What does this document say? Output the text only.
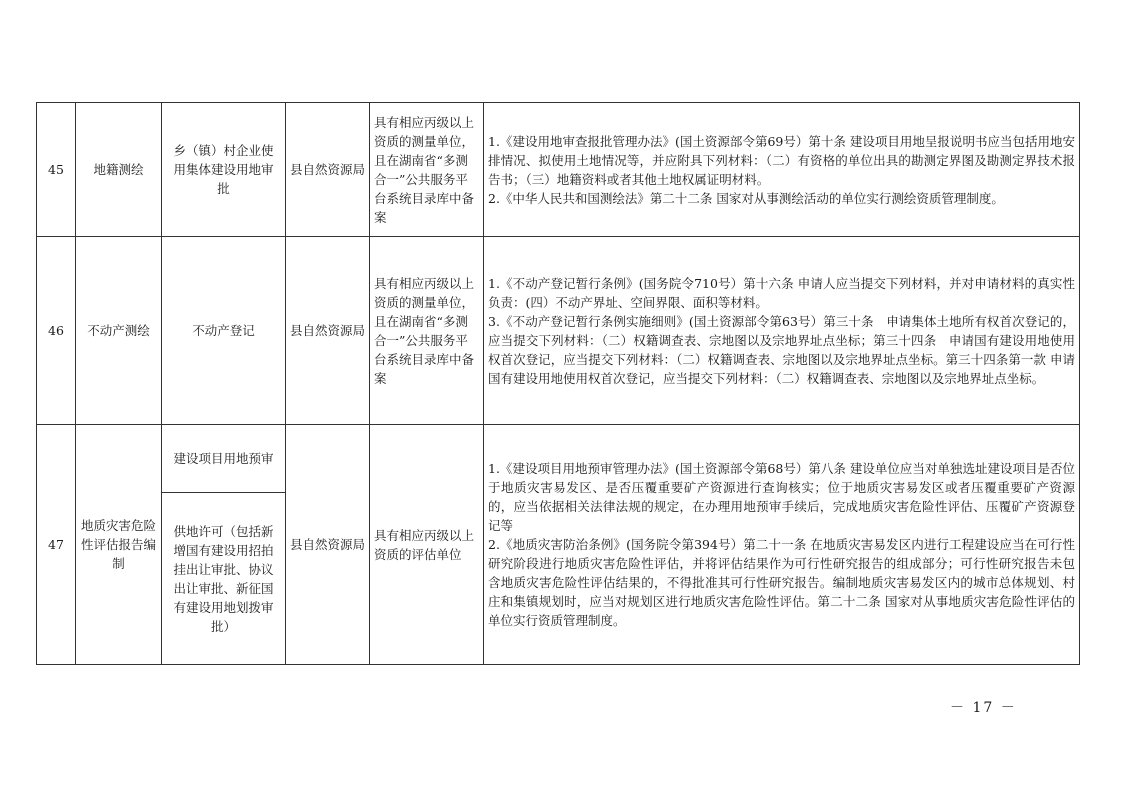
45	地籍测绘	乡（镇）村企业使用集体建设用地审批	县自然资源局	具有相应丙级以上资质的测量单位，且在湖南省“多测合一”公共服务平台系统目录库中备案	1.《建设用地审查报批管理办法》(国土资源部令第69号）第十条 建设项目用地呈报说明书应当包括用地安排情况、拟使用土地情况等，并应附具下列材料：（二）有资格的单位出具的勘测定界图及勘测定界技术报告书；（三）地籍资料或者其他土地权属证明材料。
2.《中华人民共和国测绘法》第二十二条 国家对从事测绘活动的单位实行测绘资质管理制度。

46	不动产测绘	不动产登记	县自然资源局	具有相应丙级以上资质的测量单位，且在湖南省“多测合一”公共服务平台系统目录库中备案	1.《不动产登记暂行条例》(国务院令710号）第十六条 申请人应当提交下列材料，并对申请材料的真实性负责：(四）不动产界址、空间界限、面积等材料。
3.《不动产登记暂行条例实施细则》(国土资源部令第63号）第三十条　申请集体土地所有权首次登记的，应当提交下列材料：（二）权籍调查表、宗地图以及宗地界址点坐标；第三十四条　申请国有建设用地使用权首次登记，应当提交下列材料：（二）权籍调查表、宗地图以及宗地界址点坐标。第三十四条第一款 申请国有建设用地使用权首次登记，应当提交下列材料：（二）权籍调查表、宗地图以及宗地界址点坐标。

47	地质灾害危险性评估报告编制	建设项目用地预审	县自然资源局	具有相应丙级以上资质的评估单位	1.《建设项目用地预审管理办法》(国土资源部令第68号）第八条 建设单位应当对单独选址建设项目是否位于地质灾害易发区、是否压覆重要矿产资源进行查询核实；位于地质灾害易发区或者压覆重要矿产资源的，应当依据相关法律法规的规定，在办理用地预审手续后，完成地质灾害危险性评估、压覆矿产资源登记等
2.《地质灾害防治条例》(国务院令第394号）第二十一条 在地质灾害易发区内进行工程建设应当在可行性研究阶段进行地质灾害危险性评估，并将评估结果作为可行性研究报告的组成部分；可行性研究报告未包含地质灾害危险性评估结果的，不得批准其可行性研究报告。编制地质灾害易发区内的城市总体规划、村庄和集镇规划时，应当对规划区进行地质灾害危险性评估。第二十二条 国家对从事地质灾害危险性评估的单位实行资质管理制度。

		供地许可（包括新增国有建设用招拍挂出让审批、协议出让审批、新征国有建设用地划拨审批）			
－ 17 －
